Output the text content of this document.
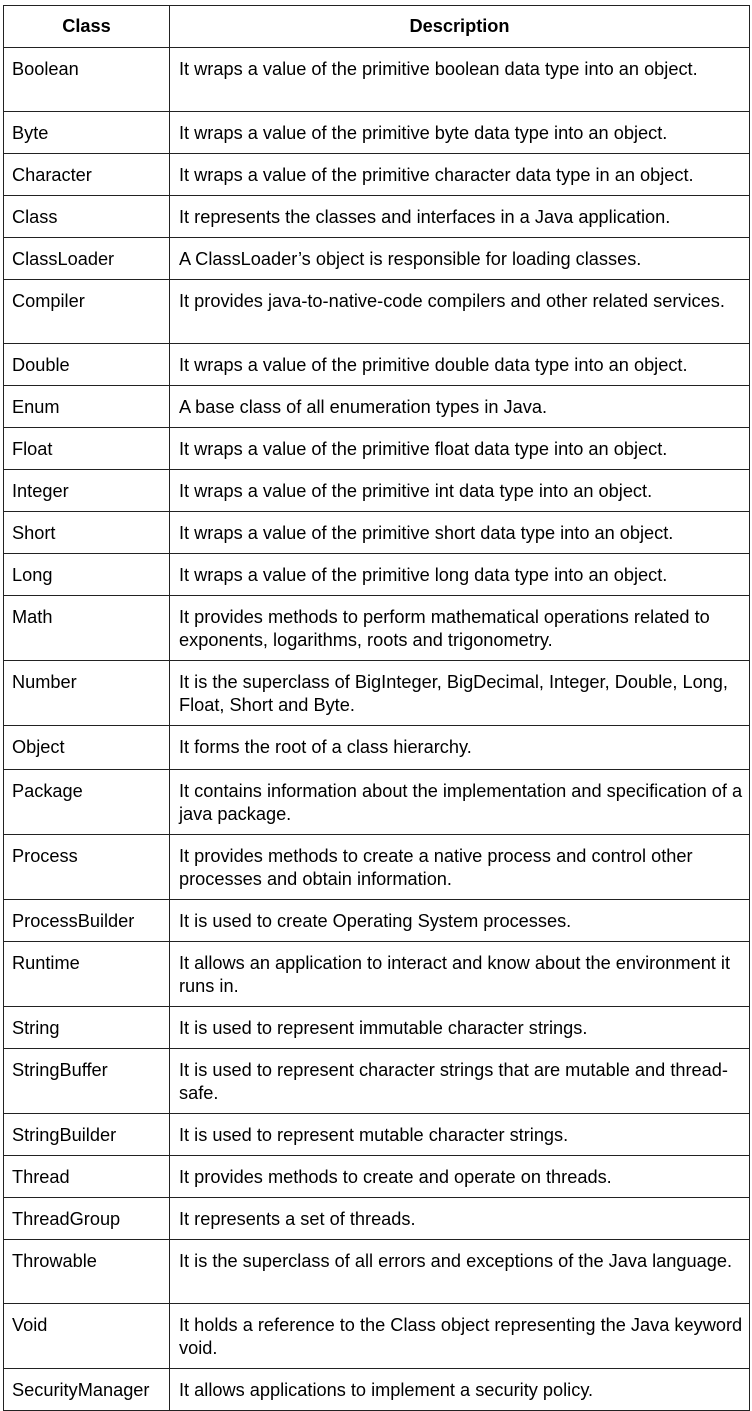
Class	Description
Boolean	It wraps a value of the primitive boolean data type into an object.
Byte	It wraps a value of the primitive byte data type into an object.
Character	It wraps a value of the primitive character data type in an object.
Class	It represents the classes and interfaces in a Java application.
ClassLoader	A ClassLoader’s object is responsible for loading classes.
Compiler	It provides java-to-native-code compilers and other related services.
Double	It wraps a value of the primitive double data type into an object.
Enum	A base class of all enumeration types in Java.
Float	It wraps a value of the primitive float data type into an object.
Integer	It wraps a value of the primitive int data type into an object.
Short	It wraps a value of the primitive short data type into an object.
Long	It wraps a value of the primitive long data type into an object.
Math	It provides methods to perform mathematical operations related to exponents, logarithms, roots and trigonometry.
Number	It is the superclass of BigInteger, BigDecimal, Integer, Double, Long, Float, Short and Byte.
Object	It forms the root of a class hierarchy.
Package	It contains information about the implementation and specification of a java package.
Process	It provides methods to create a native process and control other processes and obtain information.
ProcessBuilder	It is used to create Operating System processes.
Runtime	It allows an application to interact and know about the environment it runs in.
String	It is used to represent immutable character strings.
StringBuffer	It is used to represent character strings that are mutable and thread-safe.
StringBuilder	It is used to represent mutable character strings.
Thread	It provides methods to create and operate on threads.
ThreadGroup	It represents a set of threads.
Throwable	It is the superclass of all errors and exceptions of the Java language.
Void	It holds a reference to the Class object representing the Java keyword void.
SecurityManager	It allows applications to implement a security policy.
